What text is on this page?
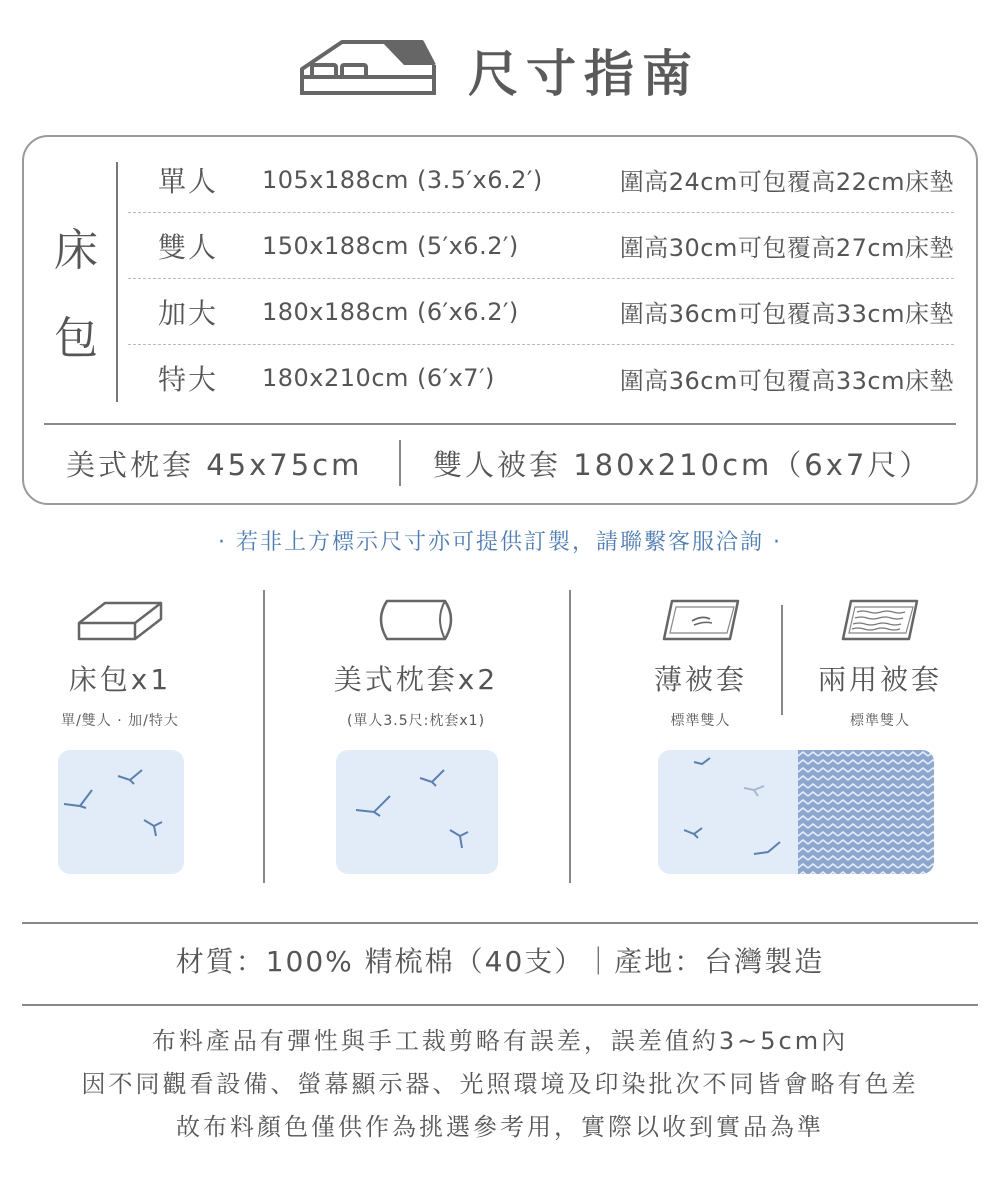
尺寸指南
床包
單人	105x188cm (3.5′x6.2′)	圍高24cm可包覆高22cm床墊
雙人	150x188cm (5′x6.2′)	圍高30cm可包覆高27cm床墊
加大	180x188cm (6′x6.2′)	圍高36cm可包覆高33cm床墊
特大	180x210cm (6′x7′)	圍高36cm可包覆高33cm床墊
美式枕套 45x75cm	雙人被套 180x210cm（6x7尺）
· 若非上方標示尺寸亦可提供訂製，請聯繫客服洽詢 ·
床包x1
單/雙人 · 加/特大
美式枕套x2
(單人3.5尺:枕套x1)
薄被套
標準雙人
兩用被套
標準雙人
材質：100% 精梳棉（40支）｜產地：台灣製造
布料產品有彈性與手工裁剪略有誤差，誤差值約3~5cm內
因不同觀看設備、螢幕顯示器、光照環境及印染批次不同皆會略有色差
故布料顏色僅供作為挑選參考用，實際以收到實品為準
